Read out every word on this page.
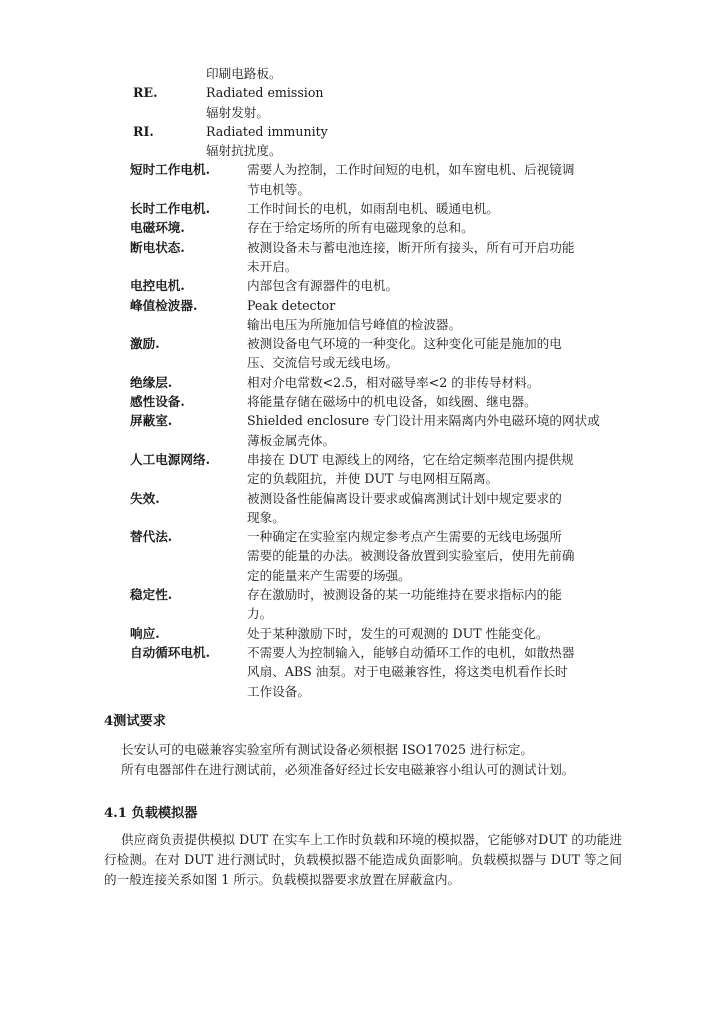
印刷电路板。
RE.	Radiated emission
辐射发射。
RI.	Radiated immunity
辐射抗扰度。
短时工作电机.	需要人为控制，工作时间短的电机，如车窗电机、后视镜调
节电机等。
长时工作电机.	工作时间长的电机，如雨刮电机、暖通电机。
电磁环境.	存在于给定场所的所有电磁现象的总和。
断电状态.	被测设备未与蓄电池连接，断开所有接头，所有可开启功能
未开启。
电控电机.	内部包含有源器件的电机。
峰值检波器.	Peak detector
输出电压为所施加信号峰值的检波器。
激励.	被测设备电气环境的一种变化。这种变化可能是施加的电
压、交流信号或无线电场。
绝缘层.	相对介电常数<2.5，相对磁导率<2 的非传导材料。
感性设备.	将能量存储在磁场中的机电设备，如线圈、继电器。
屏蔽室.	Shielded enclosure 专门设计用来隔离内外电磁环境的网状或
薄板金属壳体。
人工电源网络.	串接在 DUT 电源线上的网络，它在给定频率范围内提供规
定的负载阻抗，并使 DUT 与电网相互隔离。
失效.	被测设备性能偏离设计要求或偏离测试计划中规定要求的
现象。
替代法.	一种确定在实验室内规定参考点产生需要的无线电场强所
需要的能量的办法。被测设备放置到实验室后，使用先前确
定的能量来产生需要的场强。
稳定性.	存在激励时，被测设备的某一功能维持在要求指标内的能
力。
响应.	处于某种激励下时，发生的可观测的 DUT 性能变化。
自动循环电机.	不需要人为控制输入，能够自动循环工作的电机，如散热器
风扇、ABS 油泵。对于电磁兼容性，将这类电机看作长时
工作设备。
4测试要求
长安认可的电磁兼容实验室所有测试设备必须根据 ISO17025 进行标定。
所有电器部件在进行测试前，必须准备好经过长安电磁兼容小组认可的测试计划。
4.1 负载模拟器
供应商负责提供模拟 DUT 在实车上工作时负载和环境的模拟器，它能够对DUT 的功能进行检测。在对 DUT 进行测试时，负载模拟器不能造成负面影响。负载模拟器与 DUT 等之间的一般连接关系如图 1 所示。负载模拟器要求放置在屏蔽盒内。
